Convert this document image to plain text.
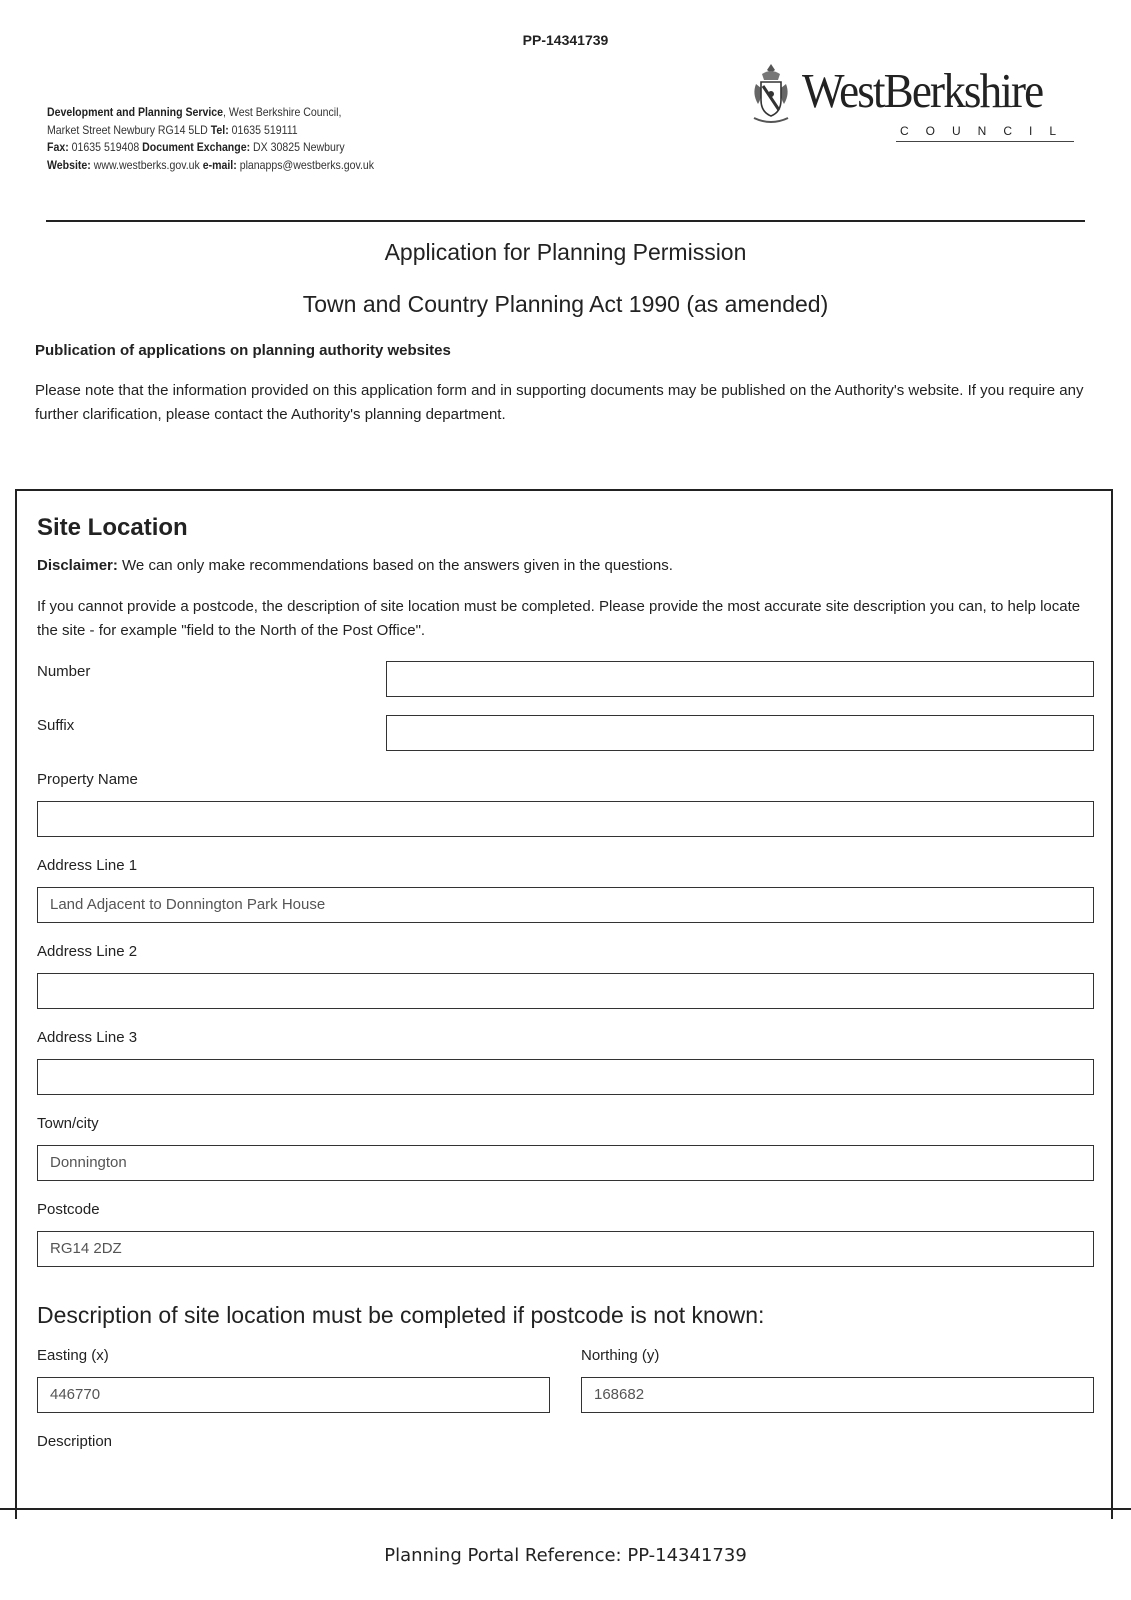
PP-14341739
Development and Planning Service, West Berkshire Council,
Market Street Newbury RG14 5LD Tel: 01635 519111
Fax: 01635 519408 Document Exchange: DX 30825 Newbury
Website: www.westberks.gov.uk e-mail: planapps@westberks.gov.uk
WestBerkshire
COUNCIL
Application for Planning Permission
Town and Country Planning Act 1990 (as amended)
Publication of applications on planning authority websites
Please note that the information provided on this application form and in supporting documents may be published on the Authority's website. If you require any further clarification, please contact the Authority's planning department.
Site Location
Disclaimer: We can only make recommendations based on the answers given in the questions.
If you cannot provide a postcode, the description of site location must be completed. Please provide the most accurate site description you can, to help locate the site - for example "field to the North of the Post Office".
Number
Suffix
Property Name
Address Line 1
Land Adjacent to Donnington Park House
Address Line 2
Address Line 3
Town/city
Donnington
Postcode
RG14 2DZ
Description of site location must be completed if postcode is not known:
Easting (x)
446770
Northing (y)
168682
Description
Planning Portal Reference: PP-14341739
